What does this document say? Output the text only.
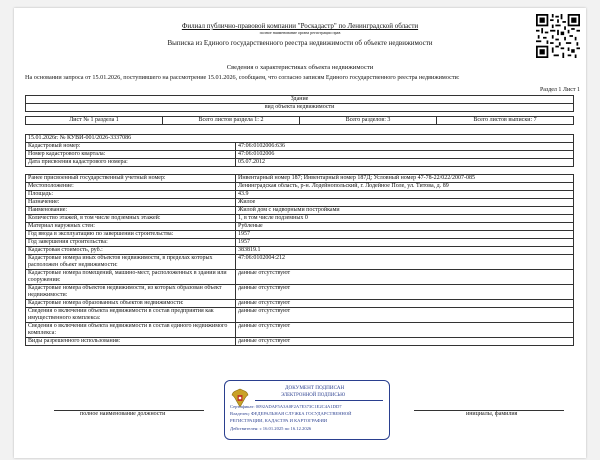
Филиал публично-правовой компании "Роскадастр" по Ленинградской области
полное наименование органа регистрации прав
Выписка из Единого государственного реестра недвижимости об объекте недвижимости
Сведения о характеристиках объекта недвижимости
На основании запроса от 15.01.2026, поступившего на рассмотрение 15.01.2026, сообщаем, что согласно записям Единого государственного реестра недвижимости:
Раздел 1 Лист 1
Здание
вид объекта недвижимости

Лист № 1 раздела 1	Всего листов раздела 1: 2	Всего разделов: 3	Всего листов выписки: 7
15.01.2026г. № КУВИ-001/2026-3337086	
Кадастровый номер:	47:06:0102006:636
Номер кадастрового квартала:	47:06:0102006
Дата присвоения кадастрового номера:	05.07.2012
Ранее присвоенный государственный учетный номер:	Инвентарный номер 187; Инвентарный номер 187Д; Условный номер 47-78-22/022/2007-085
Местоположение:	Ленинградская область, р-н. Лодейнопольский, г. Лодейное Поле, ул. Титова, д. 89
Площадь:	43.9
Назначение:	Жилое
Наименование:	Жилой дом с надворными постройками
Количество этажей, в том числе подземных этажей:	1, в том числе подземных 0
Материал наружных стен:	Рубленые
Год ввода в эксплуатацию по завершении строительства:	1957
Год завершения строительства:	1957
Кадастровая стоимость, руб.:	383819.1
Кадастровые номера иных объектов недвижимости, в пределах которых расположен объект недвижимости:	47:06:0102004:212
Кадастровые номера помещений, машино-мест, расположенных в здании или сооружении:	данные отсутствуют
Кадастровые номера объектов недвижимости, из которых образован объект недвижимости:	данные отсутствуют
Кадастровые номера образованных объектов недвижимости:	данные отсутствуют
Сведения о включении объекта недвижимости в состав предприятия как имущественного комплекса:	данные отсутствуют
Сведения о включении объекта недвижимости в состав единого недвижимого комплекса:	данные отсутствуют
Виды разрешенного использования:	данные отсутствуют
ДОКУМЕНТ ПОДПИСАН
ЭЛЕКТРОННОЙ ПОДПИСЬЮ
Сертификат: 0092ADAF5A3A0F2A7E373C1E2C4A1DD7
Владелец: ФЕДЕРАЛЬНАЯ СЛУЖБА ГОСУДАРСТВЕННОЙ
РЕГИСТРАЦИИ, КАДАСТРА И КАРТОГРАФИИ
Действителен: с 16.01.2025 по 16.12.2026
полное наименование должности	инициалы, фамилия
